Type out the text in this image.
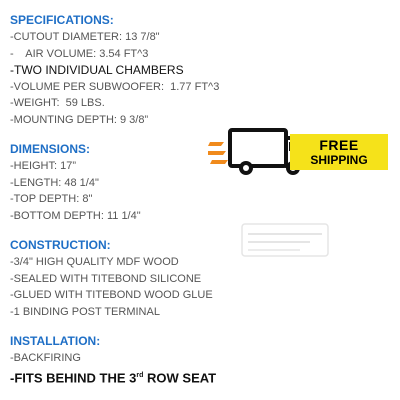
SPECIFICATIONS:
-CUTOUT DIAMETER: 13 7/8"
-    AIR VOLUME: 3.54 FT^3
-TWO INDIVIDUAL CHAMBERS
-VOLUME PER SUBWOOFER:  1.77 FT^3
-WEIGHT:  59 LBS.
-MOUNTING DEPTH: 9 3/8”
DIMENSIONS:
-HEIGHT: 17”
-LENGTH: 48 1/4"
-TOP DEPTH: 8"
-BOTTOM DEPTH: 11 1/4"
CONSTRUCTION:
-3/4" HIGH QUALITY MDF WOOD
-SEALED WITH TITEBOND SILICONE
-GLUED WITH TITEBOND WOOD GLUE
-1 BINDING POST TERMINAL
INSTALLATION:
-BACKFIRING
-FITS BEHIND THE 3rd ROW SEAT
FREE
SHIPPING
